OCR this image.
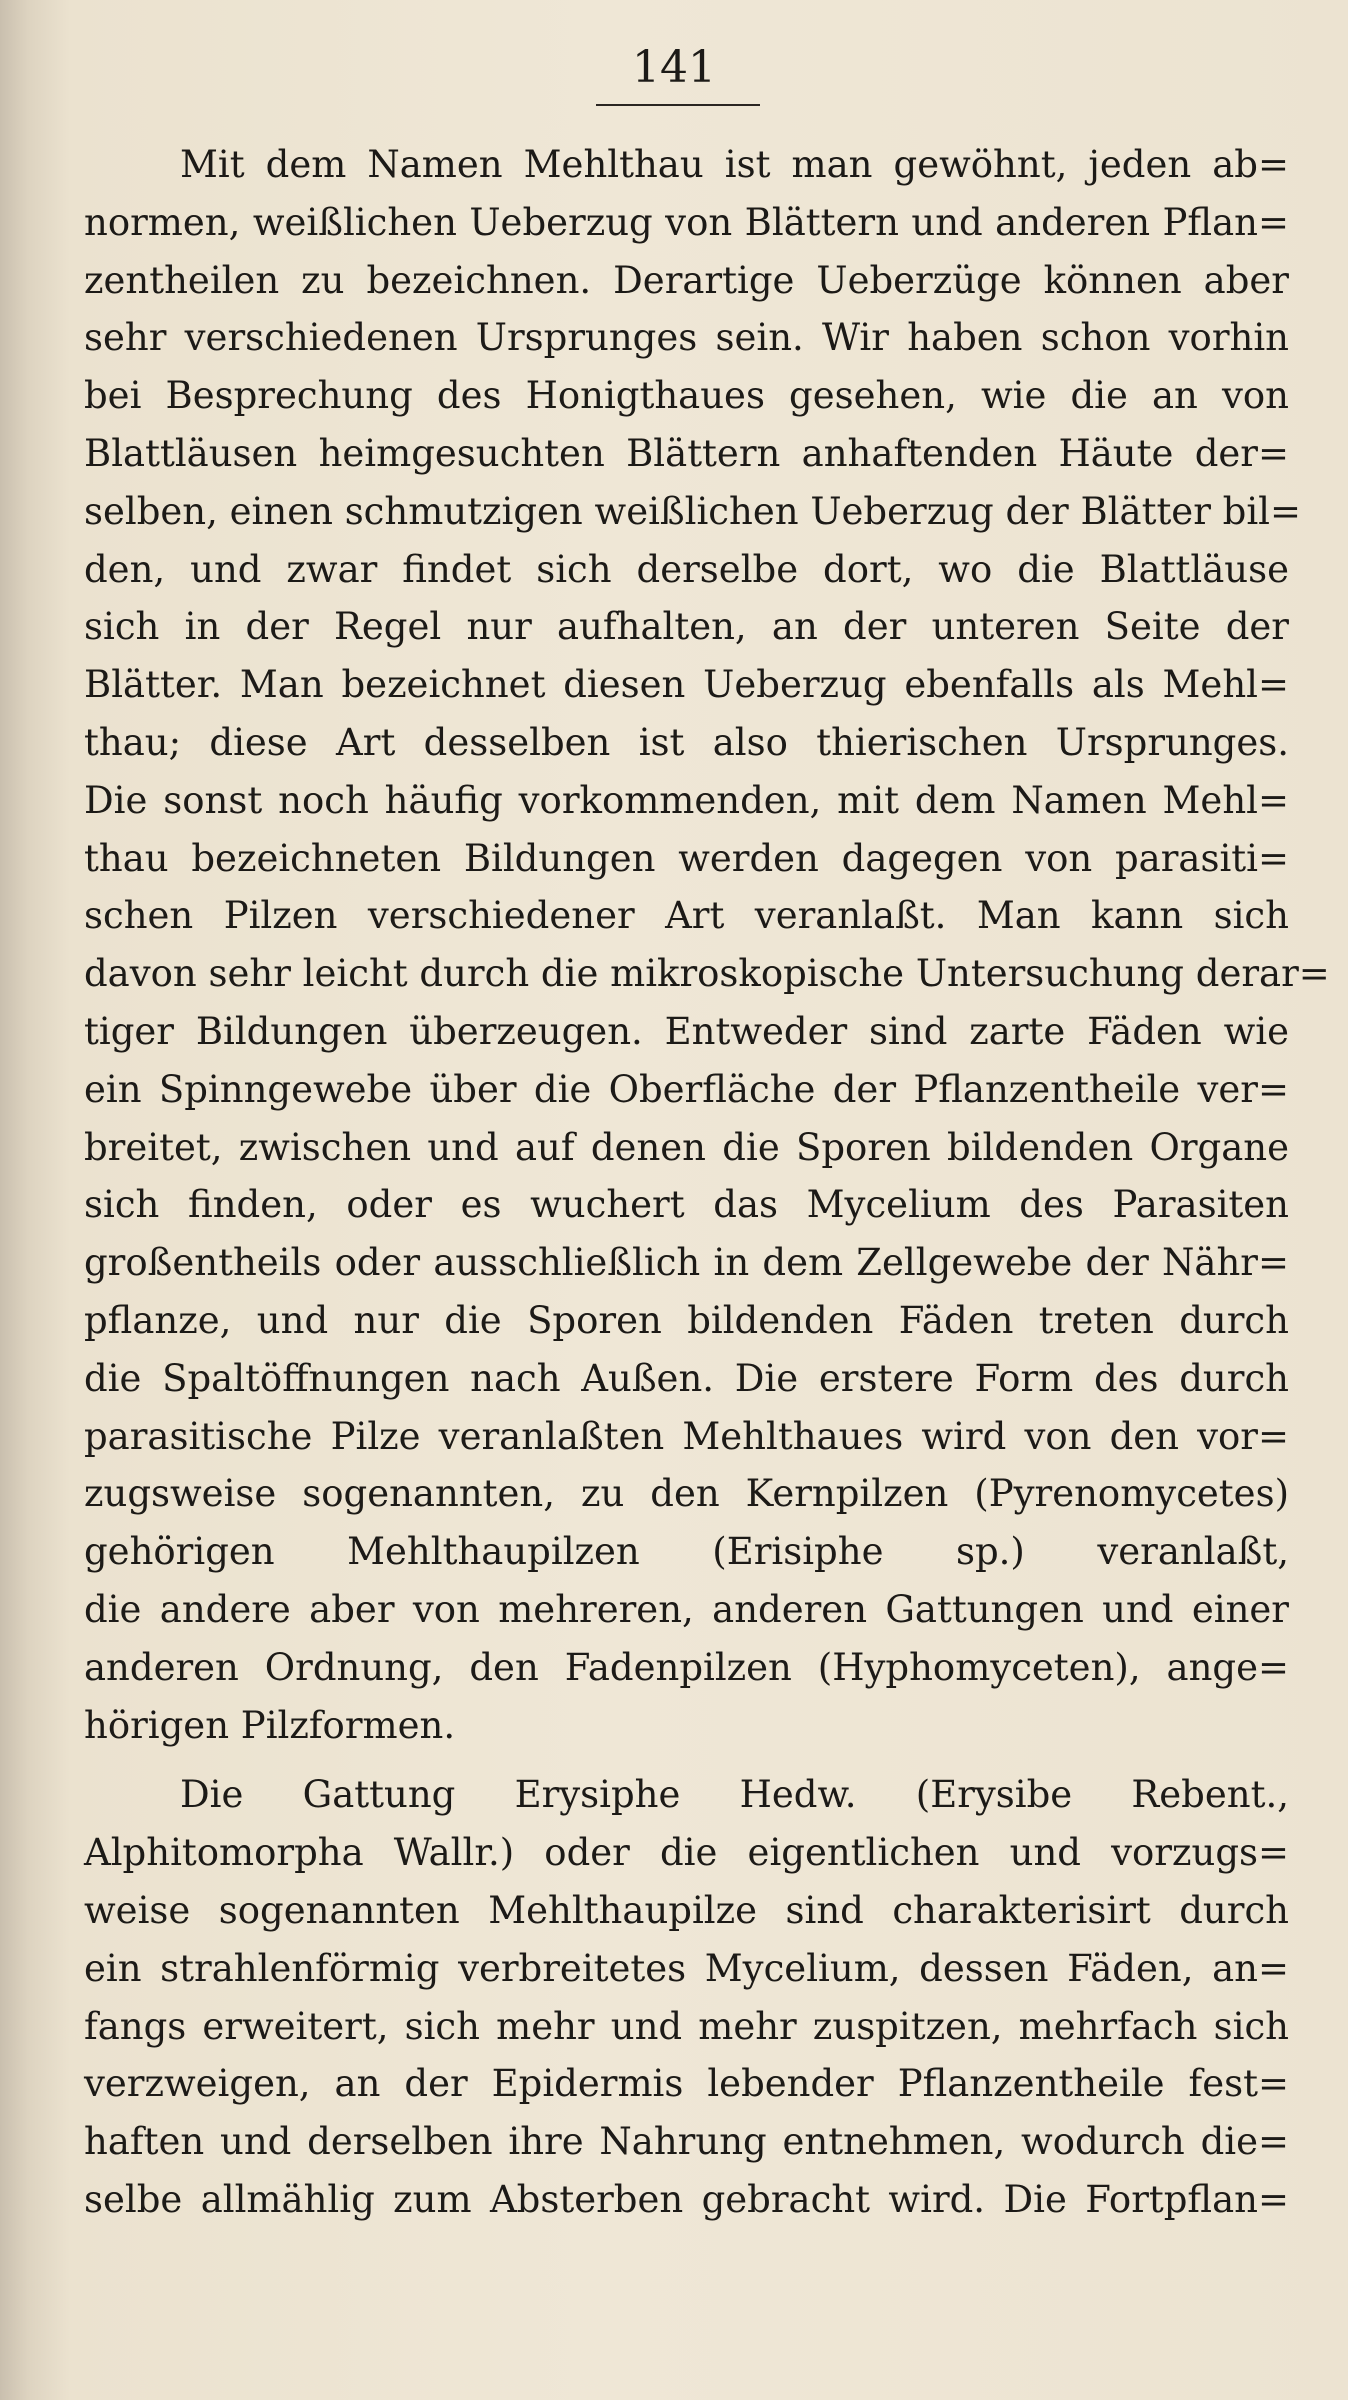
141
Mit dem Namen Mehlthau ist man gewöhnt, jeden ab=
normen, weißlichen Ueberzug von Blättern und anderen Pflan=
zentheilen zu bezeichnen. Derartige Ueberzüge können aber
sehr verschiedenen Ursprunges sein. Wir haben schon vorhin
bei Besprechung des Honigthaues gesehen, wie die an von
Blattläusen heimgesuchten Blättern anhaftenden Häute der=
selben, einen schmutzigen weißlichen Ueberzug der Blätter bil=
den, und zwar findet sich derselbe dort, wo die Blattläuse
sich in der Regel nur aufhalten, an der unteren Seite der
Blätter. Man bezeichnet diesen Ueberzug ebenfalls als Mehl=
thau; diese Art desselben ist also thierischen Ursprunges.
Die sonst noch häufig vorkommenden, mit dem Namen Mehl=
thau bezeichneten Bildungen werden dagegen von parasiti=
schen Pilzen verschiedener Art veranlaßt. Man kann sich
davon sehr leicht durch die mikroskopische Untersuchung derar=
tiger Bildungen überzeugen. Entweder sind zarte Fäden wie
ein Spinngewebe über die Oberfläche der Pflanzentheile ver=
breitet, zwischen und auf denen die Sporen bildenden Organe
sich finden, oder es wuchert das Mycelium des Parasiten
großentheils oder ausschließlich in dem Zellgewebe der Nähr=
pflanze, und nur die Sporen bildenden Fäden treten durch
die Spaltöffnungen nach Außen. Die erstere Form des durch
parasitische Pilze veranlaßten Mehlthaues wird von den vor=
zugsweise sogenannten, zu den Kernpilzen (Pyrenomycetes)
gehörigen Mehlthaupilzen (Erisiphe sp.) veranlaßt,
die andere aber von mehreren, anderen Gattungen und einer
anderen Ordnung, den Fadenpilzen (Hyphomyceten), ange=
hörigen Pilzformen.
Die Gattung Erysiphe Hedw. (Erysibe Rebent.,
Alphitomorpha Wallr.) oder die eigentlichen und vorzugs=
weise sogenannten Mehlthaupilze sind charakterisirt durch
ein strahlenförmig verbreitetes Mycelium, dessen Fäden, an=
fangs erweitert, sich mehr und mehr zuspitzen, mehrfach sich
verzweigen, an der Epidermis lebender Pflanzentheile fest=
haften und derselben ihre Nahrung entnehmen, wodurch die=
selbe allmählig zum Absterben gebracht wird. Die Fortpflan=
